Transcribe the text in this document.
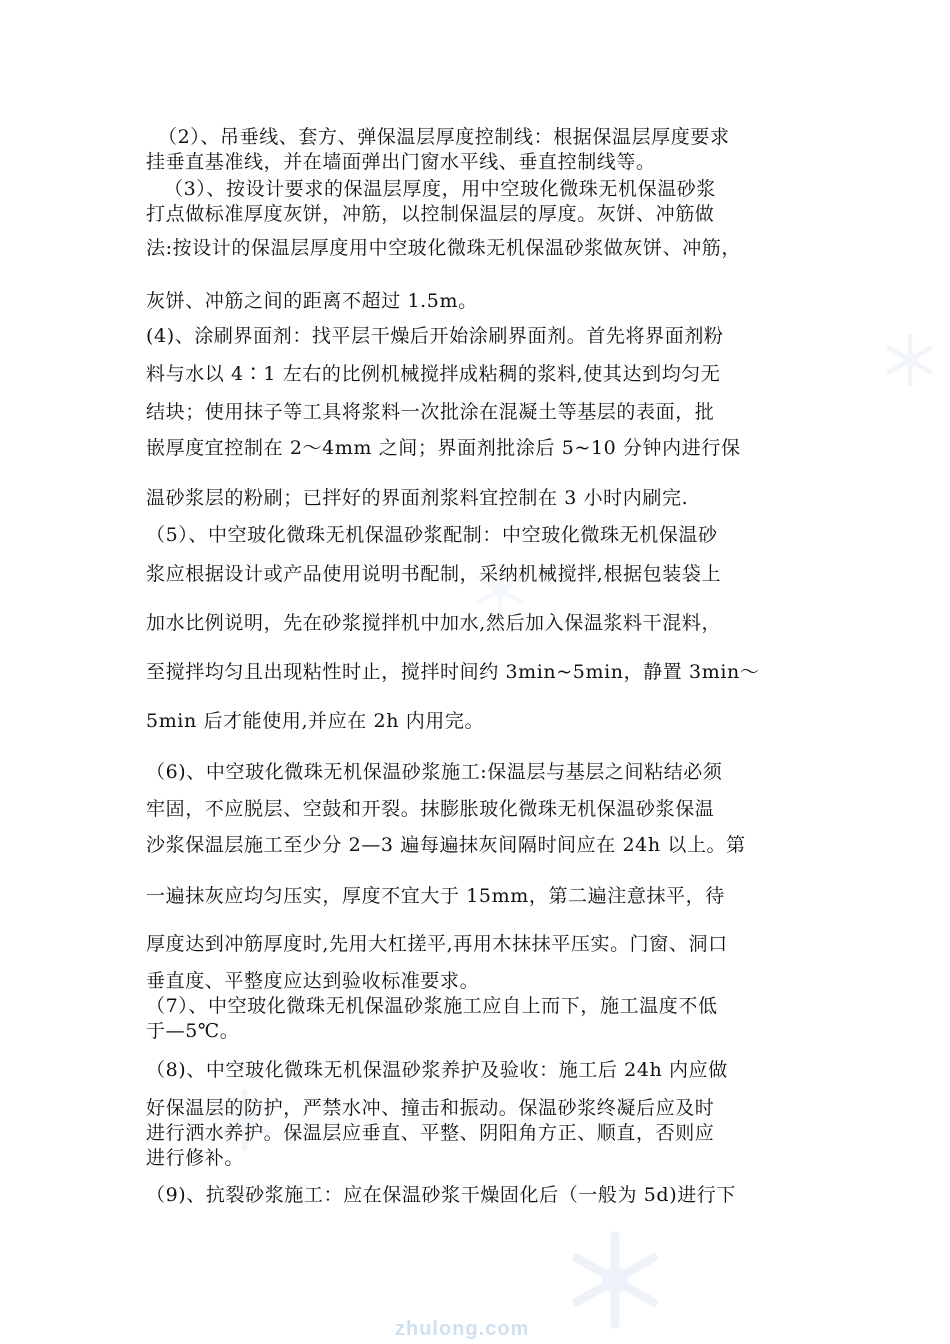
zhulong.com

（2）、吊垂线、套方、弹保温层厚度控制线：根据保温层厚度要求

挂垂直基准线，并在墙面弹出门窗水平线、垂直控制线等。

（3）、按设计要求的保温层厚度，用中空玻化微珠无机保温砂浆

打点做标准厚度灰饼，冲筋，以控制保温层的厚度。灰饼、冲筋做

法:按设计的保温层厚度用中空玻化微珠无机保温砂浆做灰饼、冲筋，

灰饼、冲筋之间的距离不超过 1.5m。

(4)、涂刷界面剂：找平层干燥后开始涂刷界面剂。首先将界面剂粉

料与水以 4∶1 左右的比例机械搅拌成粘稠的浆料,使其达到均匀无

结块；使用抹子等工具将浆料一次批涂在混凝土等基层的表面，批

嵌厚度宜控制在 2～4mm 之间；界面剂批涂后 5~10 分钟内进行保

温砂浆层的粉刷；已拌好的界面剂浆料宜控制在 3 小时内刷完.

（5）、中空玻化微珠无机保温砂浆配制：中空玻化微珠无机保温砂

浆应根据设计或产品使用说明书配制，采纳机械搅拌,根据包装袋上

加水比例说明，先在砂浆搅拌机中加水,然后加入保温浆料干混料，

至搅拌均匀且出现粘性时止，搅拌时间约 3min~5min，静置 3min～

5min 后才能使用,并应在 2h 内用完。

（6)、中空玻化微珠无机保温砂浆施工:保温层与基层之间粘结必须

牢固，不应脱层、空鼓和开裂。抹膨胀玻化微珠无机保温砂浆保温

沙浆保温层施工至少分 2—3 遍每遍抹灰间隔时间应在 24h 以上。第

一遍抹灰应均匀压实，厚度不宜大于 15mm，第二遍注意抹平，待

厚度达到冲筋厚度时,先用大杠搓平,再用木抹抹平压实。门窗、洞口

垂直度、平整度应达到验收标准要求。

（7）、中空玻化微珠无机保温砂浆施工应自上而下，施工温度不低

于—5℃。

（8)、中空玻化微珠无机保温砂浆养护及验收：施工后 24h 内应做

好保温层的防护，严禁水冲、撞击和振动。保温砂浆终凝后应及时

进行洒水养护。保温层应垂直、平整、阴阳角方正、顺直，否则应

进行修补。

（9)、抗裂砂浆施工：应在保温砂浆干燥固化后（一般为 5d)进行下
